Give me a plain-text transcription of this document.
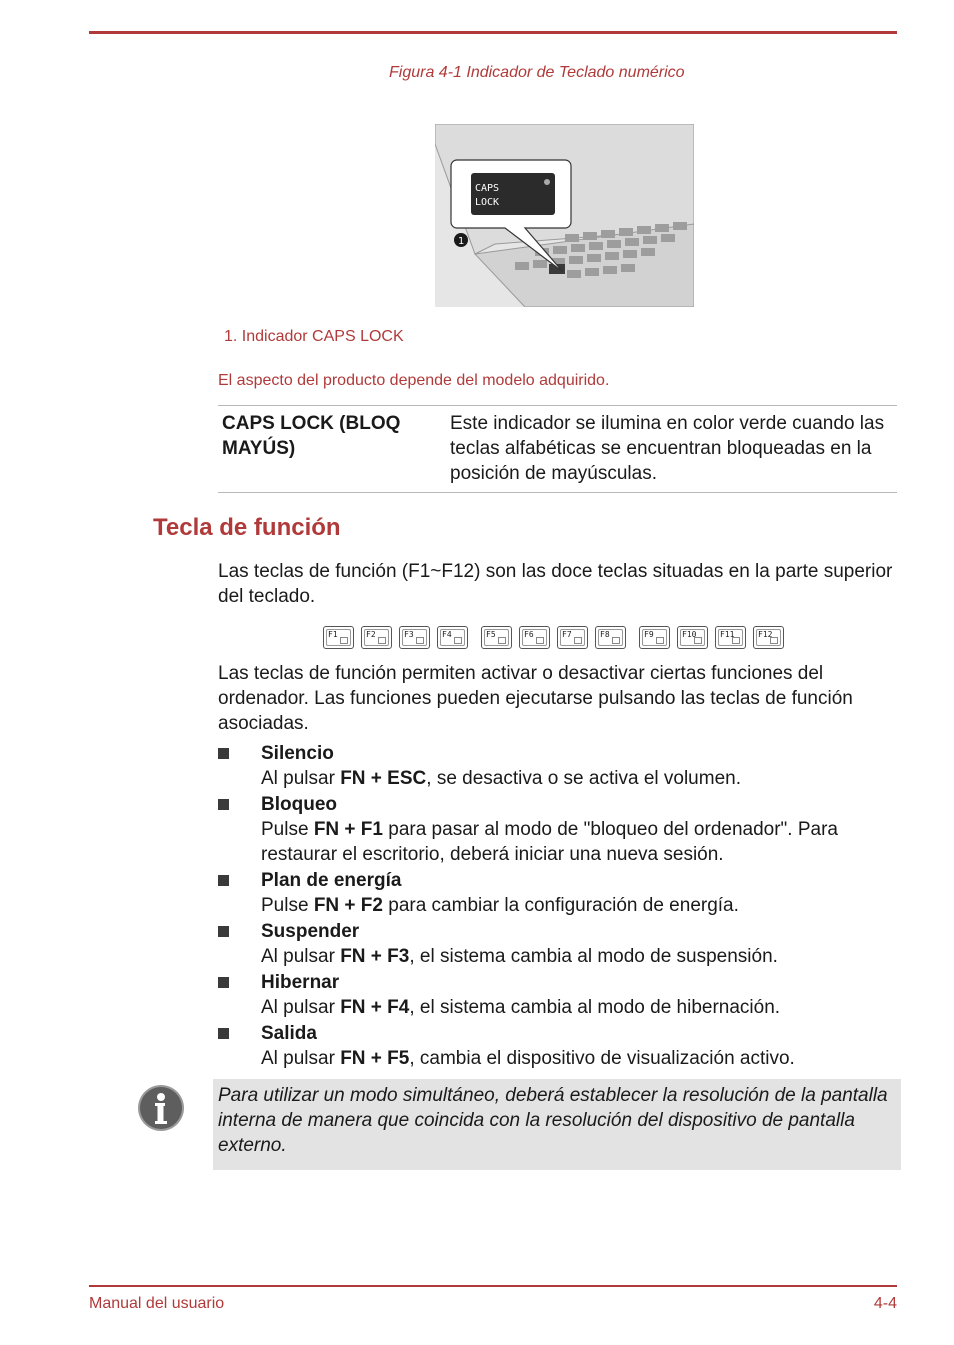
Figura 4-1 Indicador de Teclado numérico
CAPS
LOCK
1
1. Indicador CAPS LOCK
El aspecto del producto depende del modelo adquirido.
CAPS LOCK (BLOQ MAYÚS)
Este indicador se ilumina en color verde cuando las teclas alfabéticas se encuentran bloqueadas en la posición de mayúsculas.
Tecla de función
Las teclas de función (F1~F12) son las doce teclas situadas en la parte superior del teclado.
F1	F2	F3	F4	F5	F6	F7	F8	F9	F10	F11	F12
Las teclas de función permiten activar o desactivar ciertas funciones del ordenador. Las funciones pueden ejecutarse pulsando las teclas de función asociadas.
Silencio
Al pulsar FN + ESC, se desactiva o se activa el volumen.
Bloqueo
Pulse FN + F1 para pasar al modo de "bloqueo del ordenador". Para restaurar el escritorio, deberá iniciar una nueva sesión.
Plan de energía
Pulse FN + F2 para cambiar la configuración de energía.
Suspender
Al pulsar FN + F3, el sistema cambia al modo de suspensión.
Hibernar
Al pulsar FN + F4, el sistema cambia al modo de hibernación.
Salida
Al pulsar FN + F5, cambia el dispositivo de visualización activo.
Para utilizar un modo simultáneo, deberá establecer la resolución de la pantalla interna de manera que coincida con la resolución del dispositivo de pantalla externo.
Manual del usuario	4-4
